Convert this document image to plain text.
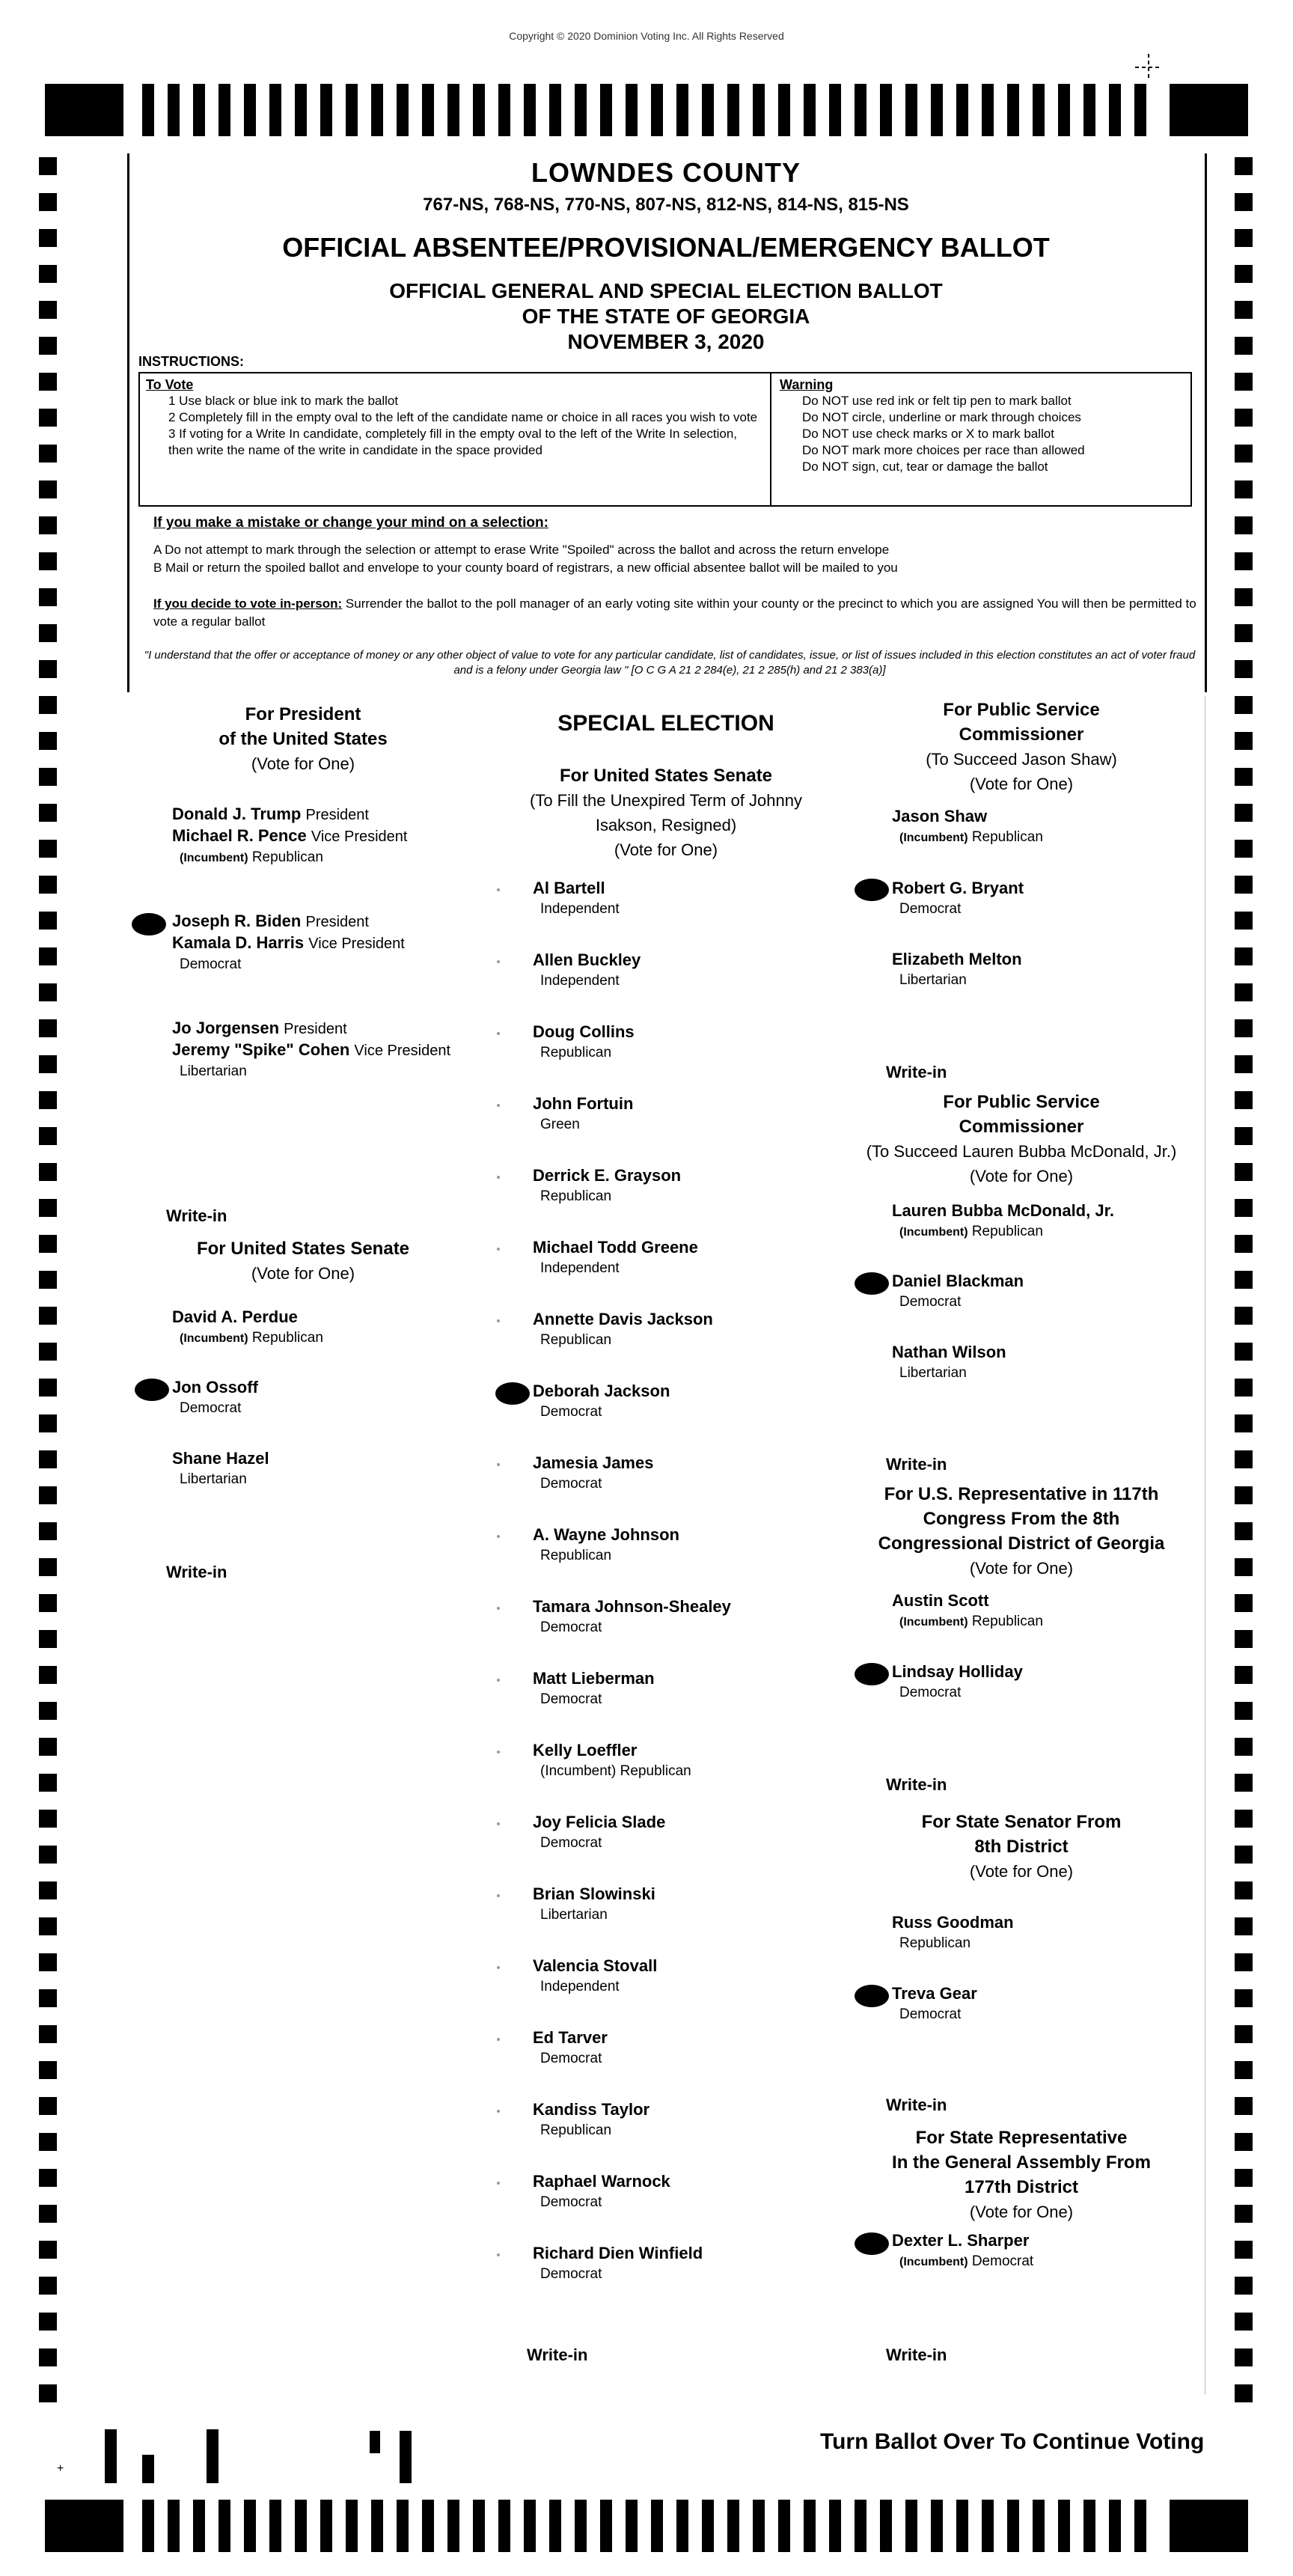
Copyright © 2020 Dominion Voting Inc. All Rights Reserved
LOWNDES COUNTY
767-NS, 768-NS, 770-NS, 807-NS, 812-NS, 814-NS, 815-NS
OFFICIAL ABSENTEE/PROVISIONAL/EMERGENCY BALLOT
OFFICIAL GENERAL AND SPECIAL ELECTION BALLOT
OF THE STATE OF GEORGIA
NOVEMBER 3, 2020
INSTRUCTIONS:
To Vote
1 Use black or blue ink to mark the ballot
2 Completely fill in the empty oval to the left of the candidate name or choice in all races you wish to vote
3 If voting for a Write In candidate, completely fill in the empty oval to the left of the Write In selection, then write the name of the write in candidate in the space provided
Warning
Do NOT use red ink or felt tip pen to mark ballot
Do NOT circle, underline or mark through choices
Do NOT use check marks or X to mark ballot
Do NOT mark more choices per race than allowed
Do NOT sign, cut, tear or damage the ballot
If you make a mistake or change your mind on a selection:
A Do not attempt to mark through the selection or attempt to erase Write "Spoiled" across the ballot and across the return envelope
B Mail or return the spoiled ballot and envelope to your county board of registrars, a new official absentee ballot will be mailed to you
If you decide to vote in-person: Surrender the ballot to the poll manager of an early voting site within your county or the precinct to which you are assigned You will then be permitted to vote a regular ballot
"I understand that the offer or acceptance of money or any other object of value to vote for any particular candidate, list of candidates, issue, or list of issues included in this election constitutes an act of voter fraud and is a felony under Georgia law " [O C G A 21 2 284(e), 21 2 285(h) and 21 2 383(a)]
For President
of the United States
(Vote for One)
Donald J. Trump President
Michael R. Pence Vice President
(Incumbent) Republican
Joseph R. Biden President
Kamala D. Harris Vice President
Democrat
Jo Jorgensen President
Jeremy "Spike" Cohen Vice President
Libertarian
Write-in
For United States Senate
(Vote for One)
David A. Perdue
(Incumbent) Republican
Jon Ossoff
Democrat
Shane Hazel
Libertarian
Write-in
SPECIAL ELECTION
For United States Senate
(To Fill the Unexpired Term of Johnny
Isakson, Resigned)
(Vote for One)
Al Bartell
Independent
Allen Buckley
Independent
Doug Collins
Republican
John Fortuin
Green
Derrick E. Grayson
Republican
Michael Todd Greene
Independent
Annette Davis Jackson
Republican
Deborah Jackson
Democrat
Jamesia James
Democrat
A. Wayne Johnson
Republican
Tamara Johnson-Shealey
Democrat
Matt Lieberman
Democrat
Kelly Loeffler
(Incumbent) Republican
Joy Felicia Slade
Democrat
Brian Slowinski
Libertarian
Valencia Stovall
Independent
Ed Tarver
Democrat
Kandiss Taylor
Republican
Raphael Warnock
Democrat
Richard Dien Winfield
Democrat
Write-in
For Public Service
Commissioner
(To Succeed Jason Shaw)
(Vote for One)
Jason Shaw
(Incumbent) Republican
Robert G. Bryant
Democrat
Elizabeth Melton
Libertarian
Write-in
For Public Service
Commissioner
(To Succeed Lauren Bubba McDonald, Jr.)
(Vote for One)
Lauren Bubba McDonald, Jr.
(Incumbent) Republican
Daniel Blackman
Democrat
Nathan Wilson
Libertarian
Write-in
For U.S. Representative in 117th
Congress From the 8th
Congressional District of Georgia
(Vote for One)
Austin Scott
(Incumbent) Republican
Lindsay Holliday
Democrat
Write-in
For State Senator From
8th District
(Vote for One)
Russ Goodman
Republican
Treva Gear
Democrat
Write-in
For State Representative
In the General Assembly From
177th District
(Vote for One)
Dexter L. Sharper
(Incumbent) Democrat
Write-in
+
Turn Ballot Over To Continue Voting
